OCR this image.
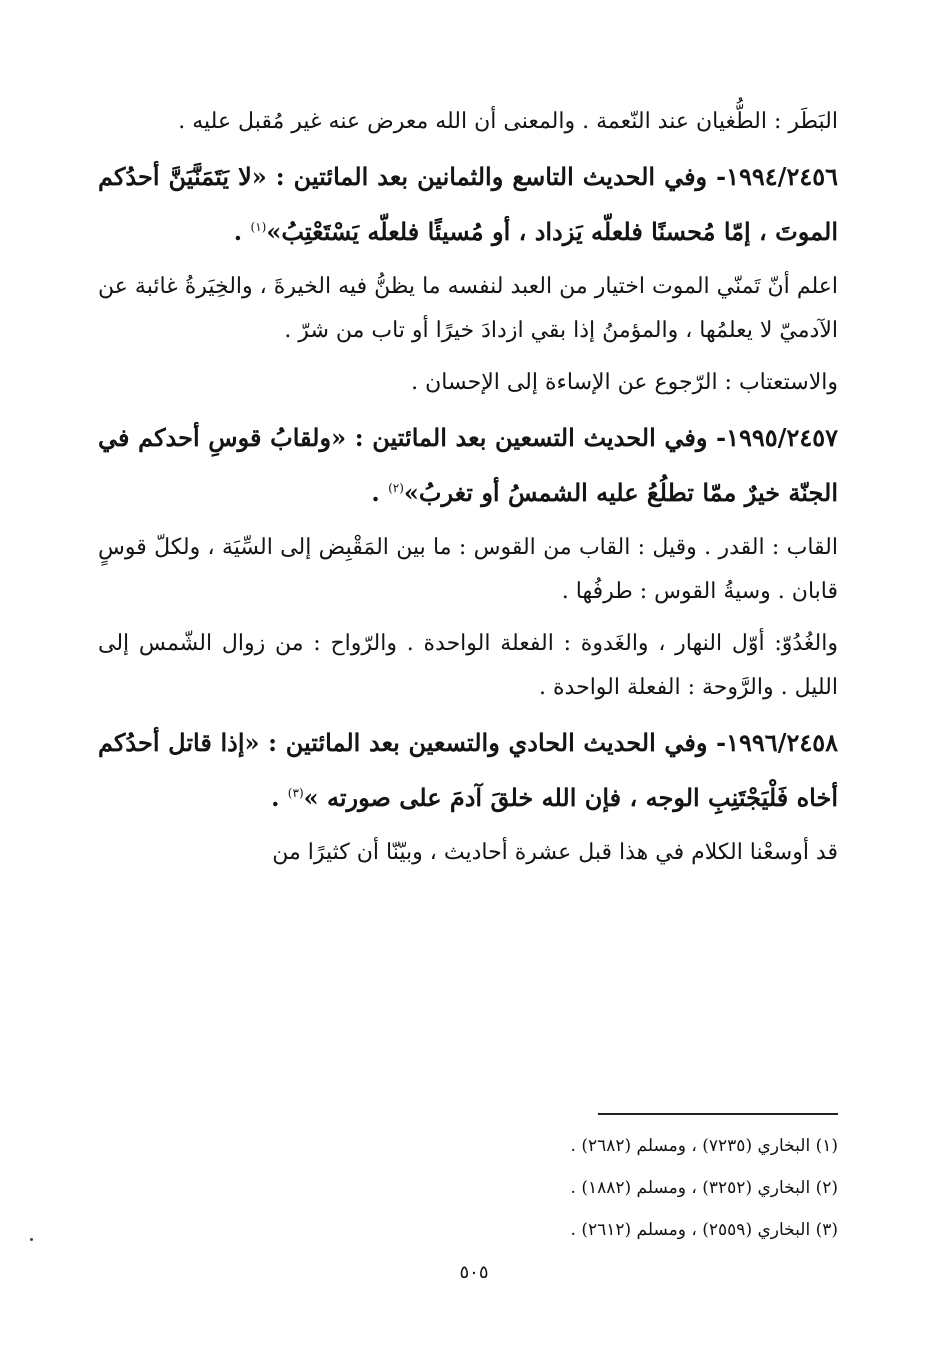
البَطَر : الطُّغيان عند النّعمة . والمعنى أن الله معرض عنه غير مُقبل عليه .

١٩٩٤/٢٤٥٦- وفي الحديث التاسع والثمانين بعد المائتين : «لا يَتَمَنَّيَنَّ أحدُكم الموتَ ، إمّا مُحسنًا فلعلّه يَزداد ، أو مُسيئًا فلعلّه يَسْتَعْتِبُ»$^{(١)}$ .

اعلم أنّ تَمنّي الموت اختيار من العبد لنفسه ما يظنُّ فيه الخيرةَ ، والخِيَرةُ غائبة عن الآدميّ لا يعلمُها ، والمؤمنُ إذا بقي ازدادَ خيرًا أو تاب من شرّ .

والاستعتاب : الرّجوع عن الإساءة إلى الإحسان .

١٩٩٥/٢٤٥٧- وفي الحديث التسعين بعد المائتين : «ولقابُ قوسِ أحدكم في الجنّة خيرٌ ممّا تطلُعُ عليه الشمسُ أو تغربُ»$^{(٢)}$ .

القاب : القدر . وقيل : القاب من القوس : ما بين المَقْبِض إلى السِّيَة ، ولكلّ قوسٍ قابان . وسيةُ القوس : طرفُها .

والغُدُوّ: أوّل النهار ، والغَدوة : الفعلة الواحدة . والرّواح : من زوال الشّمس إلى الليل . والرَّوحة : الفعلة الواحدة .

١٩٩٦/٢٤٥٨- وفي الحديث الحادي والتسعين بعد المائتين : «إذا قاتل أحدُكم أخاه فَلْيَجْتَنِبِ الوجه ، فإن الله خلقَ آدمَ على صورته »$^{(٣)}$ .

قد أوسعْنا الكلام في هذا قبل عشرة أحاديث ، وبيّنّا أن كثيرًا من

(١) البخاري (٧٢٣٥) ، ومسلم (٢٦٨٢) .

(٢) البخاري (٣٢٥٢) ، ومسلم (١٨٨٢) .

(٣) البخاري (٢٥٥٩) ، ومسلم (٢٦١٢) .

٥٠٥
